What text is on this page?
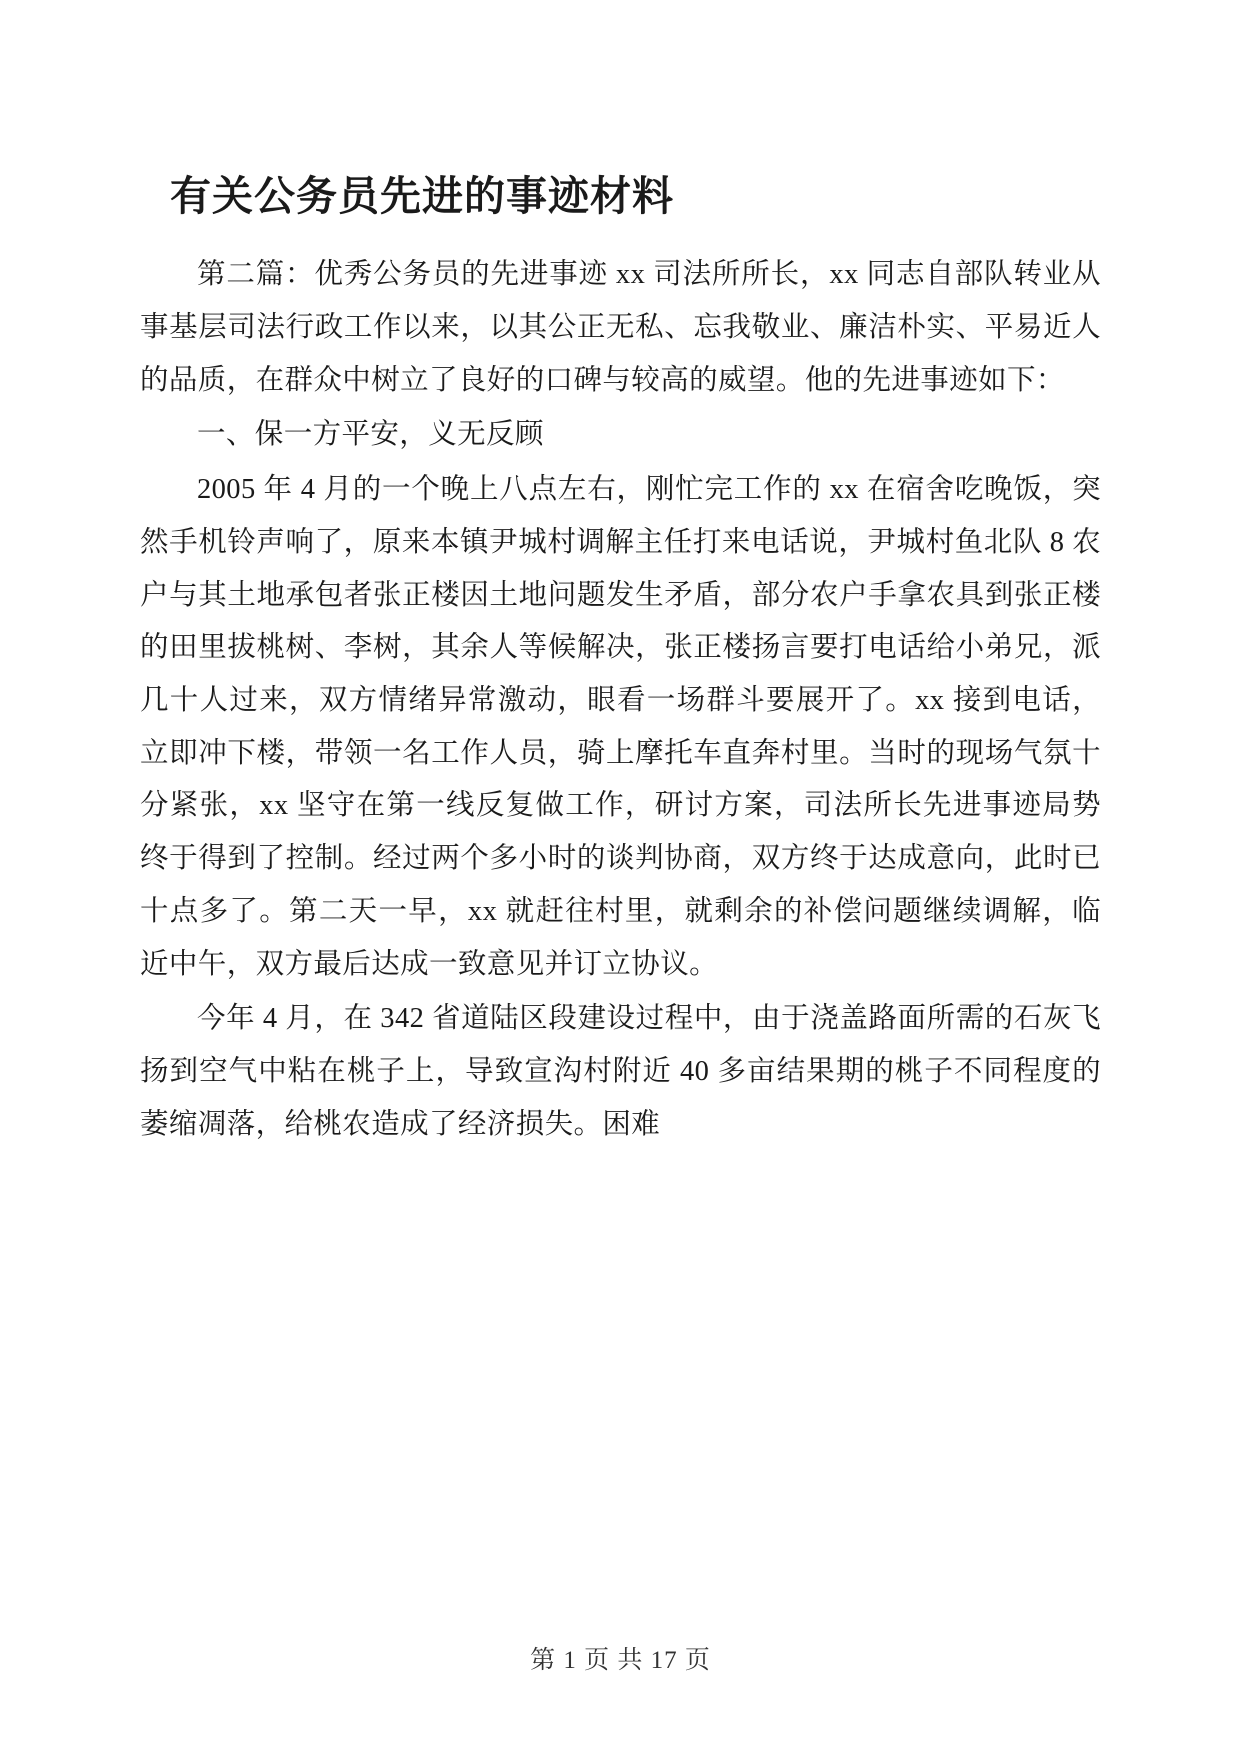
有关公务员先进的事迹材料

第二篇：优秀公务员的先进事迹 xx 司法所所长，xx 同志自部队转业从事基层司法行政工作以来，以其公正无私、忘我敬业、廉洁朴实、平易近人的品质，在群众中树立了良好的口碑与较高的威望。他的先进事迹如下：

一、保一方平安，义无反顾

2005 年 4 月的一个晚上八点左右，刚忙完工作的 xx 在宿舍吃晚饭，突然手机铃声响了，原来本镇尹城村调解主任打来电话说，尹城村鱼北队 8 农户与其土地承包者张正楼因土地问题发生矛盾，部分农户手拿农具到张正楼的田里拔桃树、李树，其余人等候解决，张正楼扬言要打电话给小弟兄，派几十人过来，双方情绪异常激动，眼看一场群斗要展开了。xx 接到电话，立即冲下楼，带领一名工作人员，骑上摩托车直奔村里。当时的现场气氛十分紧张，xx 坚守在第一线反复做工作，研讨方案，司法所长先进事迹局势终于得到了控制。经过两个多小时的谈判协商，双方终于达成意向，此时已十点多了。第二天一早，xx 就赶往村里，就剩余的补偿问题继续调解，临近中午，双方最后达成一致意见并订立协议。

今年 4 月，在 342 省道陆区段建设过程中，由于浇盖路面所需的石灰飞扬到空气中粘在桃子上，导致宣沟村附近 40 多亩结果期的桃子不同程度的萎缩凋落，给桃农造成了经济损失。困难

第 1 页 共 17 页
